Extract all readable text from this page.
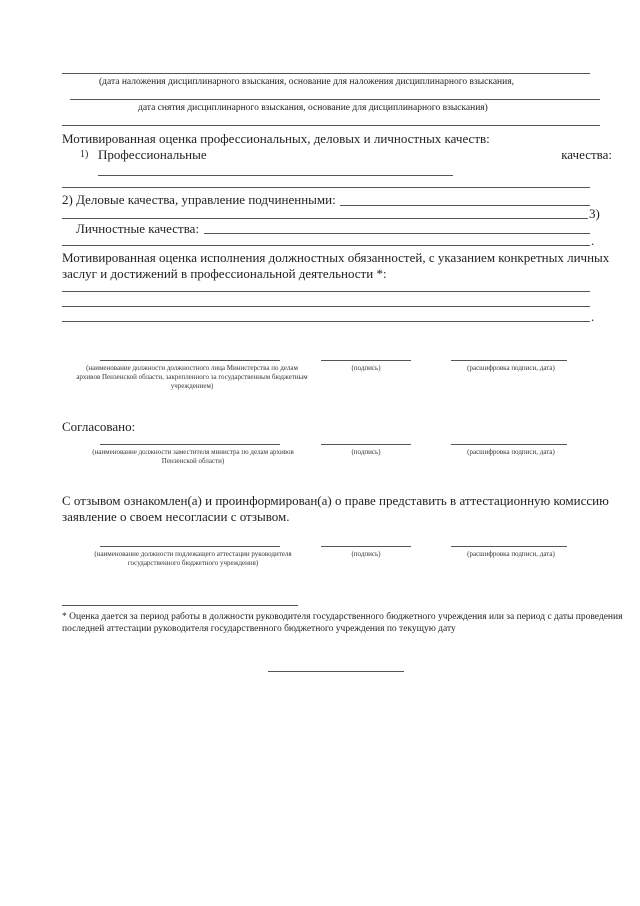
(дата наложения дисциплинарного взыскания, основание для наложения дисциплинарного взыскания,
дата снятия дисциплинарного взыскания, основание для дисциплинарного взыскания)
Мотивированная оценка профессиональных, деловых и личностных качеств:
1) Профессиональные	качества:
2) Деловые качества, управление подчиненными:
3)
Личностные качества:
.
Мотивированная оценка исполнения должностных обязанностей, с указанием конкретных личных
заслуг и достижений в профессиональной деятельности *:
.
(наименование должности должностного лица Министерства по делам архивов Пензенской области, закрепленного за государственным бюджетным учреждением)
(подпись)	(расшифровка подписи, дата)
Согласовано:
(наименование должности заместителя министра по делам архивов Пензенской области)
(подпись)	(расшифровка подписи, дата)
С отзывом ознакомлен(а) и проинформирован(а) о праве представить в аттестационную комиссию
заявление о своем несогласии с отзывом.
(наименование должности подлежащего аттестации руководителя государственного бюджетного учреждения)
(подпись)	(расшифровка подписи, дата)
* Оценка дается за период работы в должности руководителя государственного бюджетного учреждения или за период с даты проведения последней аттестации руководителя государственного бюджетного учреждения по текущую дату
